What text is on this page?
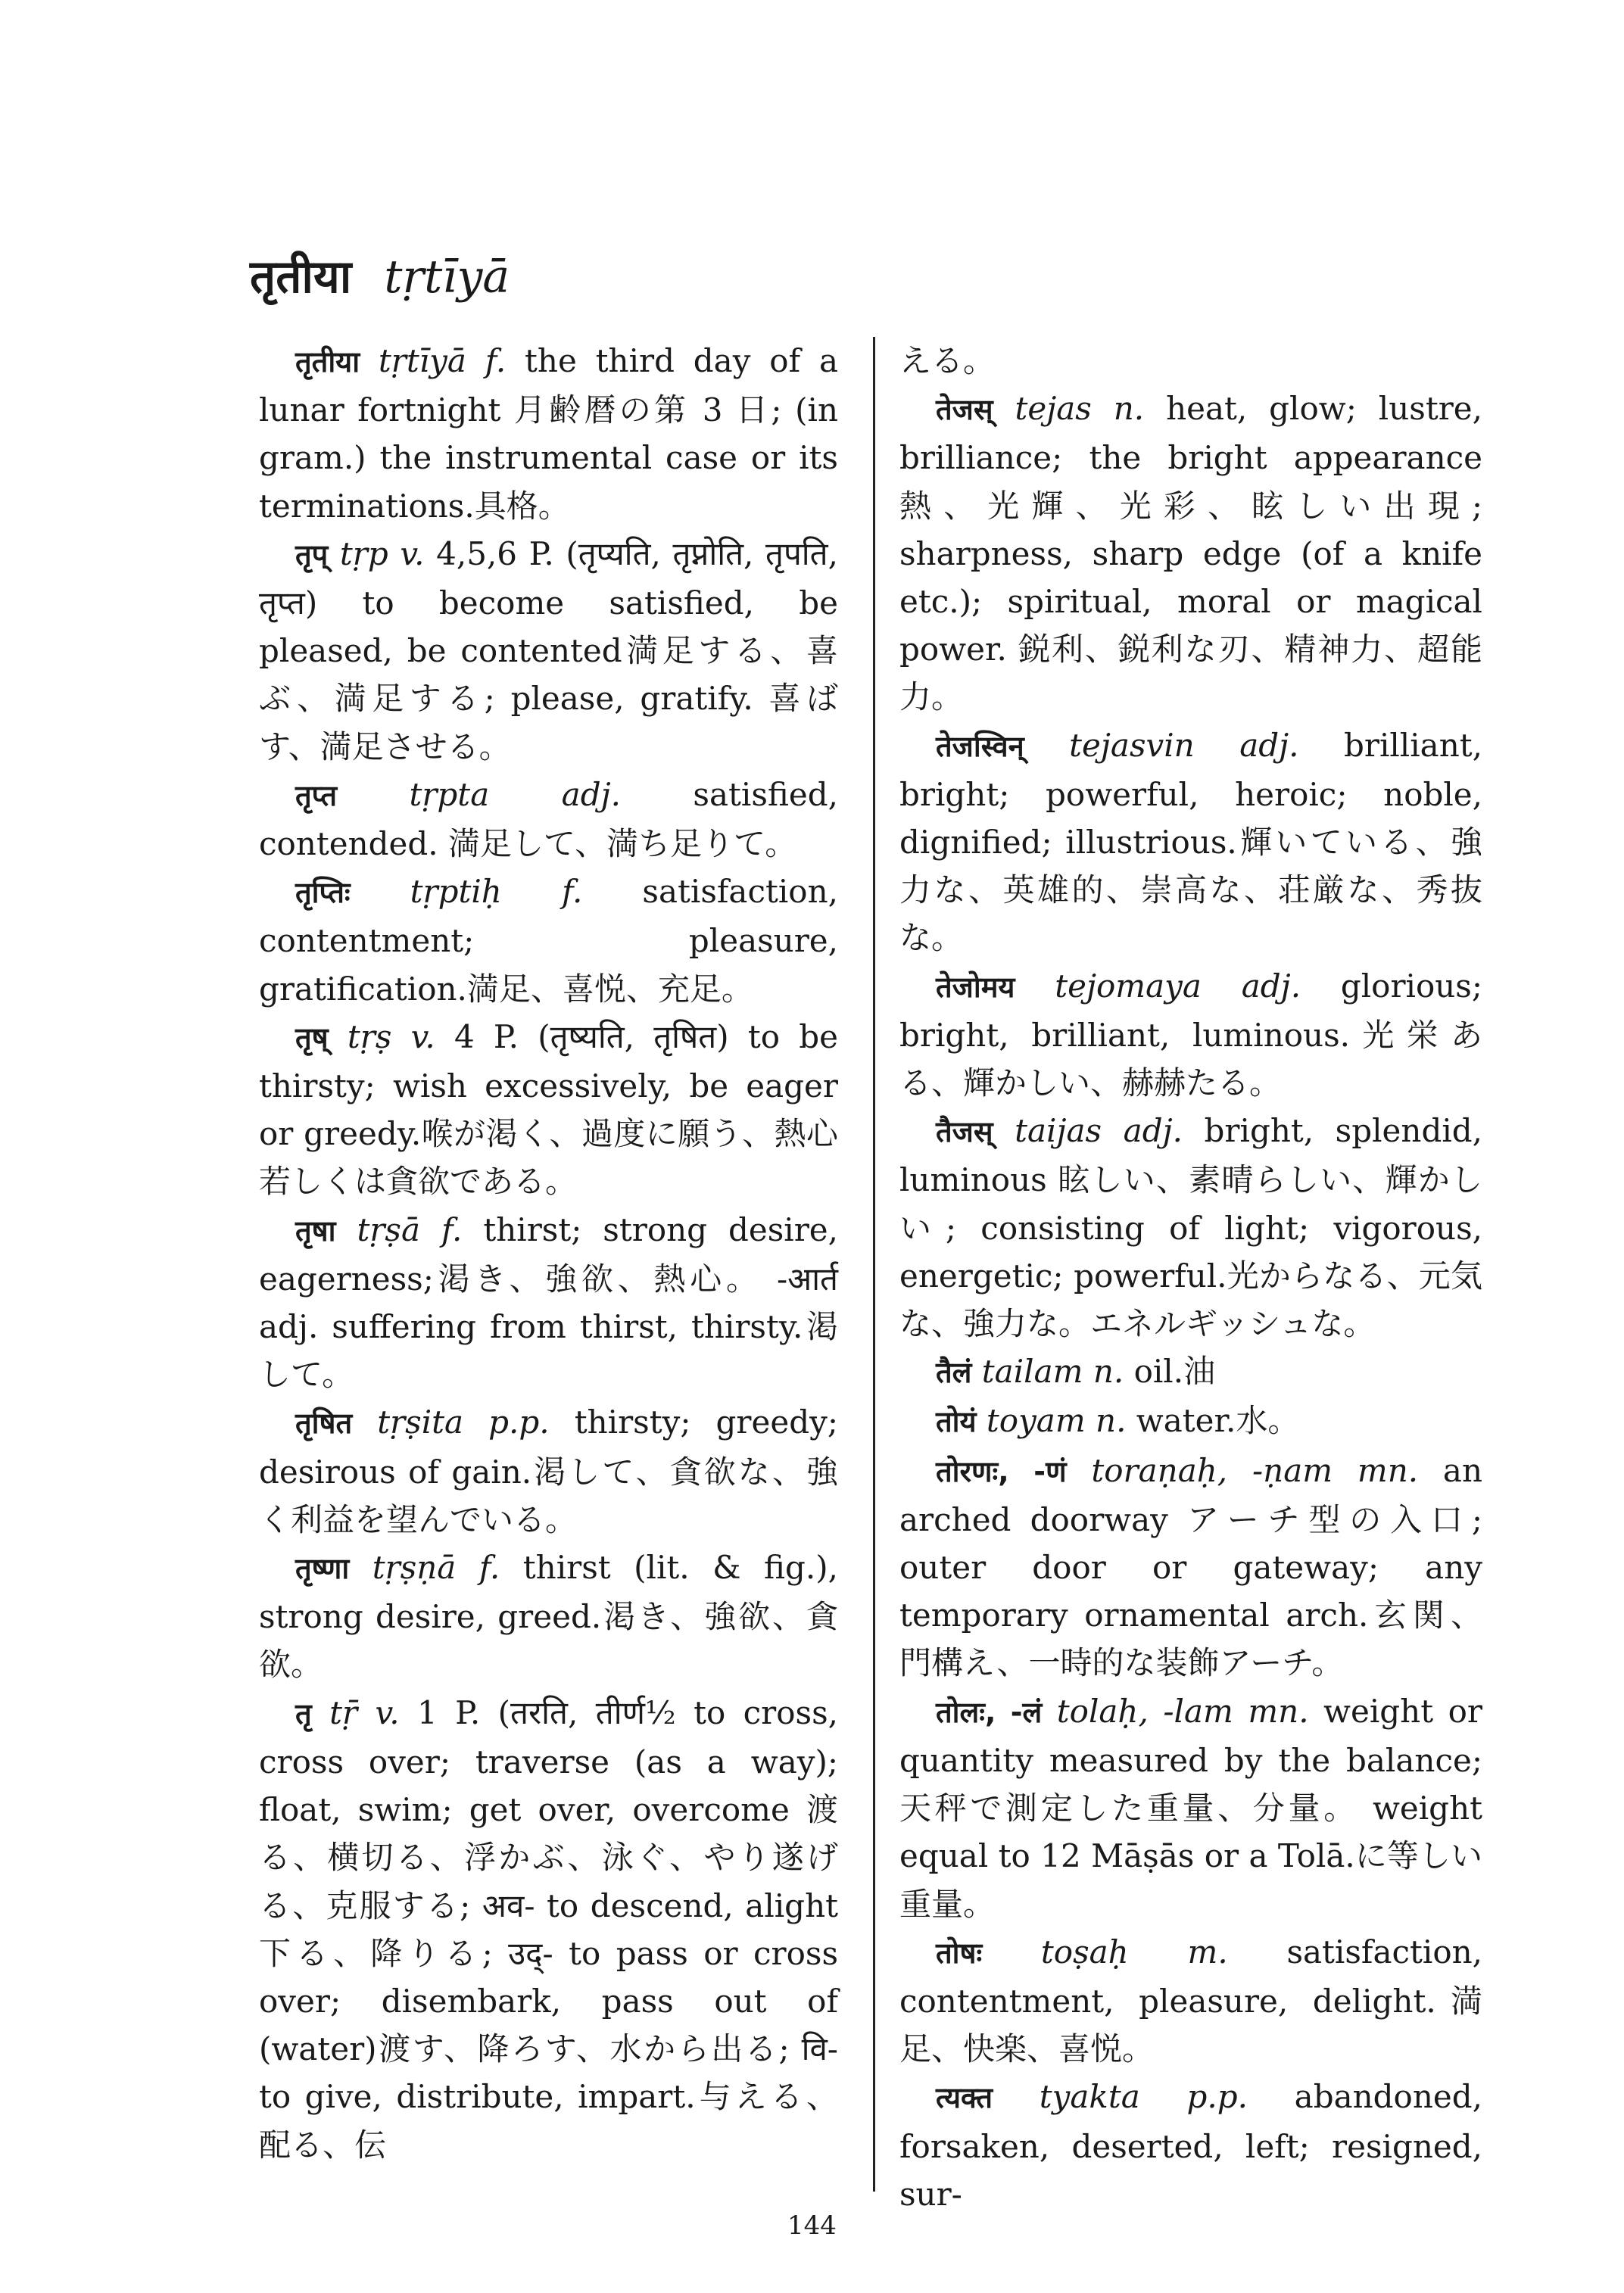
तृतीया tṛtīyā

तृतीया tṛtīyā f. the third day of a lunar fortnight 月齢暦の第 3 日; (in gram.) the instrumental case or its terminations.具格。

तृप् tṛp v. 4,5,6 P. (तृप्यति, तृप्नोति, तृपति, तृप्त) to become satisfied, be pleased, be contented満足する、喜ぶ、満足する; please, gratify. 喜ばす、満足させる。

तृप्त tṛpta adj. satisfied, contended. 満足して、満ち足りて。

तृप्तिः tṛptiḥ f. satisfaction, contentment; pleasure, gratification.満足、喜悦、充足。

तृष् tṛṣ v. 4 P. (तृष्यति, तृषित) to be thirsty; wish excessively, be eager or greedy.喉が渇く、過度に願う、熱心若しくは貪欲である。

तृषा tṛṣā f. thirst; strong desire, eagerness;渇き、強欲、熱心。 -आर्त adj. suffering from thirst, thirsty.渇して。

तृषित tṛṣita p.p. thirsty; greedy; desirous of gain.渇して、貪欲な、強く利益を望んでいる。

तृष्णा tṛṣṇā f. thirst (lit. & fig.), strong desire, greed.渇き、強欲、貪欲。

तृ tṝ v. 1 P. (तरति, तीर्ण½ to cross, cross over; traverse (as a way); float, swim; get over, overcome 渡る、横切る、浮かぶ、泳ぐ、やり遂げる、克服する; अव- to descend, alight 下る、降りる; उद्- to pass or cross over; disembark, pass out of (water)渡す、降ろす、水から出る; वि- to give, distribute, impart.与える、配る、伝

える。

तेजस् tejas n. heat, glow; lustre, brilliance; the bright appearance 熱、光輝、光彩、眩しい出現; sharpness, sharp edge (of a knife etc.); spiritual, moral or magical power. 鋭利、鋭利な刃、精神力、超能力。

तेजस्विन् tejasvin adj. brilliant, bright; powerful, heroic; noble, dignified; illustrious.輝いている、強力な、英雄的、崇高な、荘厳な、秀抜な。

तेजोमय tejomaya adj. glorious; bright, brilliant, luminous.光栄ある、輝かしい、赫赫たる。

तैजस् taijas adj. bright, splendid, luminous 眩しい、素晴らしい、輝かしい; consisting of light; vigorous, energetic; powerful.光からなる、元気な、強力な。エネルギッシュな。

तैलं tailam n. oil.油

तोयं toyam n. water.水。

तोरणः, -णं toraṇaḥ, -ṇam mn. an arched doorway アーチ型の入口; outer door or gateway; any temporary ornamental arch.玄関、門構え、一時的な装飾アーチ。

तोलः, -लं tolaḥ, -lam mn. weight or quantity measured by the balance; 天秤で測定した重量、分量。 weight equal to 12 Māṣās or a Tolā.に等しい重量。

तोषः toṣaḥ m. satisfaction, contentment, pleasure, delight.満足、快楽、喜悦。

त्यक्त tyakta p.p. abandoned, forsaken, deserted, left; resigned, sur-

144
